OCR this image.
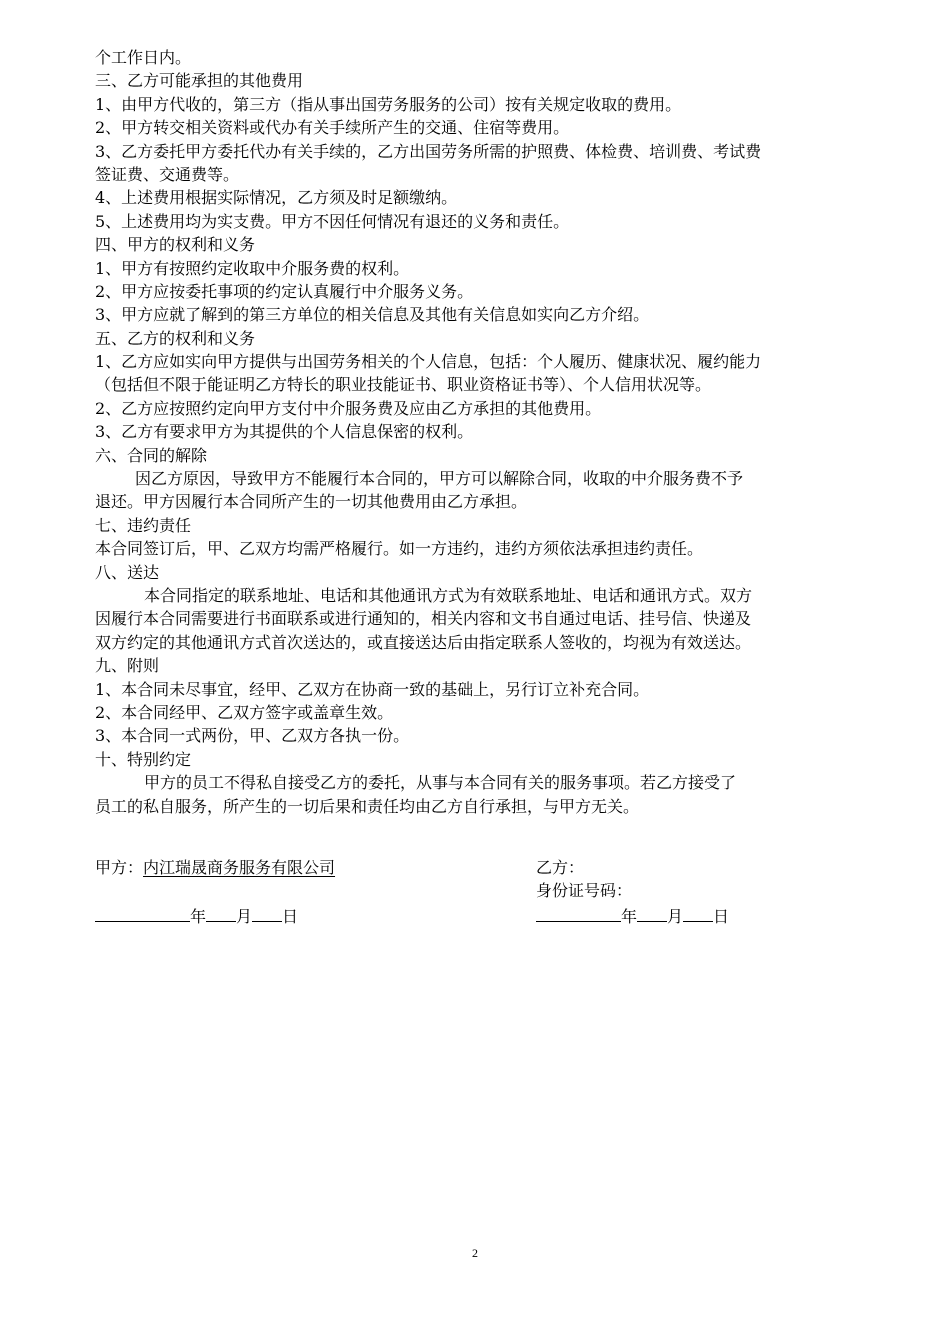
个工作日内。
三、乙方可能承担的其他费用
1、由甲方代收的，第三方（指从事出国劳务服务的公司）按有关规定收取的费用。
2、甲方转交相关资料或代办有关手续所产生的交通、住宿等费用。
3、乙方委托甲方委托代办有关手续的，乙方出国劳务所需的护照费、体检费、培训费、考试费
签证费、交通费等。
4、上述费用根据实际情况，乙方须及时足额缴纳。
5、上述费用均为实支费。甲方不因任何情况有退还的义务和责任。
四、甲方的权利和义务
1、甲方有按照约定收取中介服务费的权利。
2、甲方应按委托事项的约定认真履行中介服务义务。
3、甲方应就了解到的第三方单位的相关信息及其他有关信息如实向乙方介绍。
五、乙方的权利和义务
1、乙方应如实向甲方提供与出国劳务相关的个人信息，包括：个人履历、健康状况、履约能力
（包括但不限于能证明乙方特长的职业技能证书、职业资格证书等）、个人信用状况等。
2、乙方应按照约定向甲方支付中介服务费及应由乙方承担的其他费用。
3、乙方有要求甲方为其提供的个人信息保密的权利。
六、合同的解除
因乙方原因，导致甲方不能履行本合同的，甲方可以解除合同，收取的中介服务费不予
退还。甲方因履行本合同所产生的一切其他费用由乙方承担。
七、违约责任
本合同签订后，甲、乙双方均需严格履行。如一方违约，违约方须依法承担违约责任。
八、送达
本合同指定的联系地址、电话和其他通讯方式为有效联系地址、电话和通讯方式。双方
因履行本合同需要进行书面联系或进行通知的，相关内容和文书自通过电话、挂号信、快递及
双方约定的其他通讯方式首次送达的，或直接送达后由指定联系人签收的，均视为有效送达。
九、附则
1、本合同未尽事宜，经甲、乙双方在协商一致的基础上，另行订立补充合同。
2、本合同经甲、乙双方签字或盖章生效。
3、本合同一式两份，甲、乙双方各执一份。
十、特别约定
甲方的员工不得私自接受乙方的委托，从事与本合同有关的服务事项。若乙方接受了
员工的私自服务，所产生的一切后果和责任均由乙方自行承担，与甲方无关。
甲方：内江瑞晟商务服务有限公司	乙方：
身份证号码：
年 月 日	年 月 日
2
